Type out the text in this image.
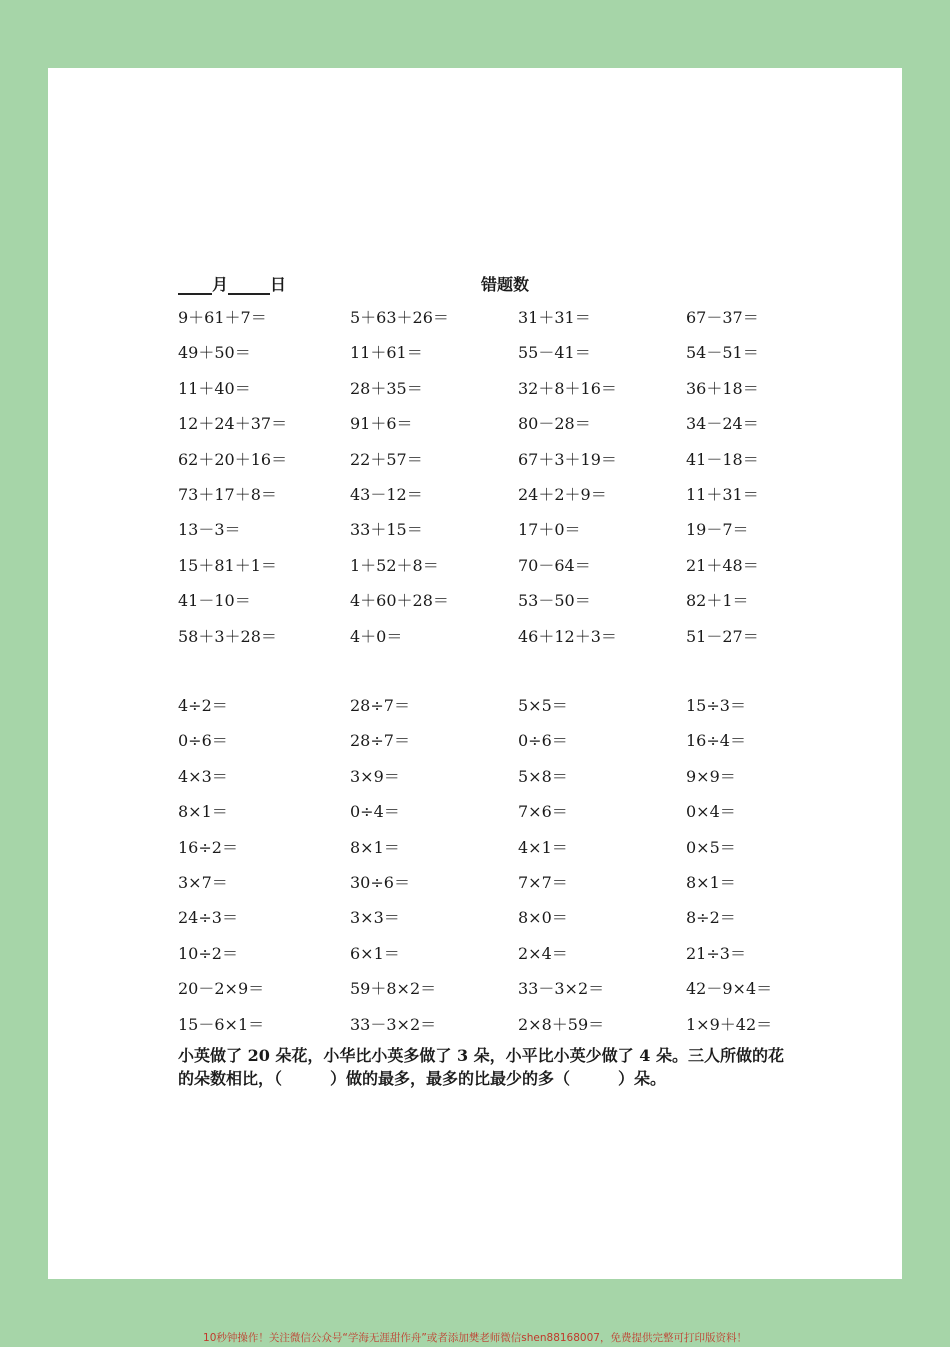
月	日	错题数
9＋61＋7＝	5＋63＋26＝	31＋31＝	67－37＝
49＋50＝	11＋61＝	55－41＝	54－51＝
11＋40＝	28＋35＝	32＋8＋16＝	36＋18＝
12＋24＋37＝	91＋6＝	80－28＝	34－24＝
62＋20＋16＝	22＋57＝	67＋3＋19＝	41－18＝
73＋17＋8＝	43－12＝	24＋2＋9＝	11＋31＝
13－3＝	33＋15＝	17＋0＝	19－7＝
15＋81＋1＝	1＋52＋8＝	70－64＝	21＋48＝
41－10＝	4＋60＋28＝	53－50＝	82＋1＝
58＋3＋28＝	4＋0＝	46＋12＋3＝	51－27＝
4÷2＝	28÷7＝	5×5＝	15÷3＝
0÷6＝	28÷7＝	0÷6＝	16÷4＝
4×3＝	3×9＝	5×8＝	9×9＝
8×1＝	0÷4＝	7×6＝	0×4＝
16÷2＝	8×1＝	4×1＝	0×5＝
3×7＝	30÷6＝	7×7＝	8×1＝
24÷3＝	3×3＝	8×0＝	8÷2＝
10÷2＝	6×1＝	2×4＝	21÷3＝
20－2×9＝	59＋8×2＝	33－3×2＝	42－9×4＝
15－6×1＝	33－3×2＝	2×8＋59＝	1×9＋42＝
小英做了 20 朵花，小华比小英多做了 3 朵，小平比小英少做了 4 朵。三人所做的花的朵数相比，（　　　）做的最多，最多的比最少的多（　　　）朵。
10秒钟操作！关注微信公众号“学海无涯甜作舟”或者添加樊老师微信shen88168007，免费提供完整可打印版资料！
